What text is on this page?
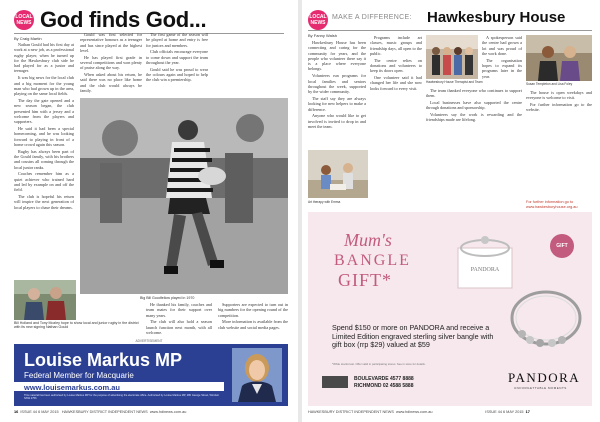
LOCAL NEWS God finds God...
By Craig Martin

Nathan Gould had his first day at work at a new job, as a professional rugby player, when he turned up for the Hawkesbury club side he had played for as a junior and teenager.

It was big news for the local club and a big moment for the young man who had grown up in the area, playing on the same local fields.

The day the gate opened and a new season began, the club presented him with a jersey and a welcome from the players and supporters.

He said it had been a special homecoming, and he was looking forward to playing in front of a home crowd again this season.

Rugby has always been part of the Gould family, with his brothers and cousins all coming through the local junior ranks.

Coaches remember him as a quiet achiever who trained hard and led by example on and off the field.

The club is hopeful his return will inspire the next generation of local players to chase their dreams.

Gould was first selected for representative honours as a teenager and has since played at the highest level.

He has played first grade in several competitions and won plenty of praise along the way.

When asked about his return, he said there was no place like home and the club would always be family.

Big Bill Goodfellow played in 1970

The first game of the season will be played at home and entry is free for juniors and members.

Club officials encourage everyone to come down and support the team throughout the year.

Gould said he was proud to wear the colours again and hoped to help the club win a premiership.

He thanked his family, coaches and team mates for their support over many years.

The club will also hold a season launch function next month, with all welcome.

Supporters are expected to turn out in big numbers for the opening round of the competition.

More information is available from the club website and social media pages.

Bill Holland and Tony Mozley hope to show local and junior rugby in the district with its new signing Nathan Gould
ADVERTISEMENT
Louise Markus MP
Federal Member for Macquarie
www.louisemarkus.com.au
This material has been authorised by Louise Markus MP for the purpose of advertising the electorate office. Authorised by Louise Markus MP, 280 George Street, Windsor NSW 2756
16 ISSUE 44 6 MAY 2015 HAWKESBURY DISTRICT INDEPENDENT NEWS www.hdinews.com.au
LOCAL NEWS
MAKE A DIFFERENCE: Hawkesbury House
By Fanny Walsh

Hawkesbury House has been connecting and caring for the community for years, and the people who volunteer there say it is a place where everyone belongs.

Volunteers run programs for local families and seniors throughout the week, supported by the wider community.

The staff say they are always looking for new helpers to make a difference.

Anyone who would like to get involved is invited to drop in and meet the team.

Programs include art classes, music groups and friendship days, all open to the public.

The centre relies on donations and volunteers to keep its doors open.

One volunteer said it had changed her life and she now looks forward to every visit.

Hawkesbury House Therapist and Team

A spokesperson said the centre had grown a lot and was proud of the work done.

The organisation hopes to expand its programs later in the year.

Susan Templeton and Lisa Foley

The team thanked everyone who continues to support them.

Local businesses have also supported the centre through donations and sponsorship.

Volunteers say the work is rewarding and the friendships made are lifelong.

The house is open weekdays and everyone is welcome to visit.

For further information go to the website.

Art therapy with Emma	For further information go to www.hawkesburyhouse.org.au
Mum's
BANGLE
GIFT*	PANDORA
GIFT
Spend $150 or more on PANDORA and receive a Limited Edition engraved sterling silver bangle with gift box (rrp $29) valued at $59
*While stocks last. Offer valid in participating stores. See in store for details.
BOULEVARDE 4577 8888
RICHMOND 02 4588 5888
PANDORA
UNFORGETTABLE MOMENTS
HAWKESBURY DISTRICT INDEPENDENT NEWS www.hdinews.com.au	ISSUE 44 6 MAY 2015 17
